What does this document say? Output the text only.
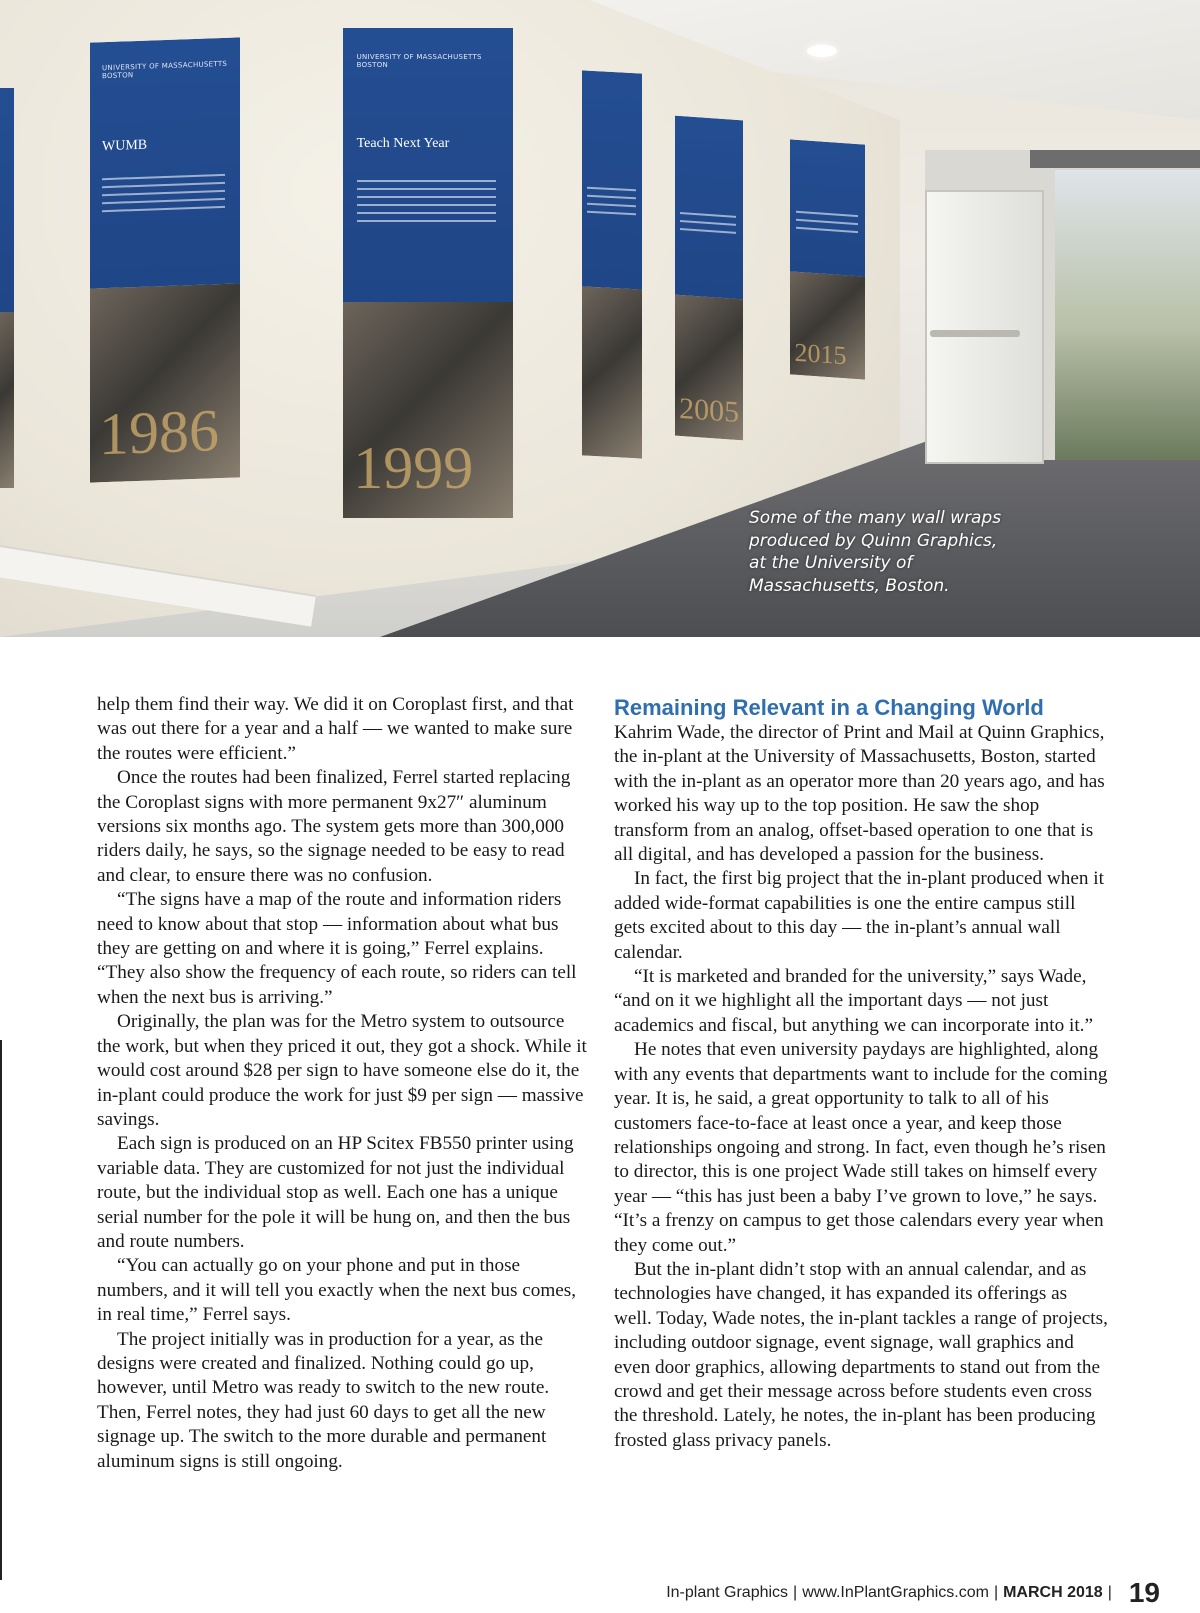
UNIVERSITY OF MASSACHUSETTS BOSTON
WUMB
1986
UNIVERSITY OF MASSACHUSETTS BOSTON
Teach Next Year
1999
2005
2015
Some of the many wall wraps produced by Quinn Graphics, at the University of Massachusetts, Boston.

help them find their way. We did it on Coroplast first, and that was out there for a year and a half — we wanted to make sure the routes were efficient.”

Once the routes had been finalized, Ferrel started replacing the Coroplast signs with more permanent 9x27″ aluminum versions six months ago. The system gets more than 300,000 riders daily, he says, so the signage needed to be easy to read and clear, to ensure there was no confusion.

“The signs have a map of the route and information riders need to know about that stop — information about what bus they are getting on and where it is going,” Ferrel explains. “They also show the frequency of each route, so riders can tell when the next bus is arriving.”

Originally, the plan was for the Metro system to outsource the work, but when they priced it out, they got a shock. While it would cost around $28 per sign to have someone else do it, the in-plant could produce the work for just $9 per sign — massive savings.

Each sign is produced on an HP Scitex FB550 printer using variable data. They are customized for not just the individual route, but the individual stop as well. Each one has a unique serial number for the pole it will be hung on, and then the bus and route numbers.

“You can actually go on your phone and put in those numbers, and it will tell you exactly when the next bus comes, in real time,” Ferrel says.

The project initially was in production for a year, as the designs were created and finalized. Nothing could go up, however, until Metro was ready to switch to the new route. Then, Ferrel notes, they had just 60 days to get all the new signage up. The switch to the more durable and permanent aluminum signs is still ongoing.

Remaining Relevant in a Changing World

Kahrim Wade, the director of Print and Mail at Quinn Graphics, the in-plant at the University of Massachusetts, Boston, started with the in-plant as an operator more than 20 years ago, and has worked his way up to the top position. He saw the shop transform from an analog, offset-based operation to one that is all digital, and has developed a passion for the business.

In fact, the first big project that the in-plant produced when it added wide-format capabilities is one the entire campus still gets excited about to this day — the in-plant’s annual wall calendar.

“It is marketed and branded for the university,” says Wade, “and on it we highlight all the important days — not just academics and fiscal, but anything we can incorporate into it.”

He notes that even university paydays are highlighted, along with any events that departments want to include for the coming year. It is, he said, a great opportunity to talk to all of his customers face-to-face at least once a year, and keep those relationships ongoing and strong. In fact, even though he’s risen to director, this is one project Wade still takes on himself every year — “this has just been a baby I’ve grown to love,” he says. “It’s a frenzy on campus to get those calendars every year when they come out.”

But the in-plant didn’t stop with an annual calendar, and as technologies have changed, it has expanded its offerings as well. Today, Wade notes, the in-plant tackles a range of projects, including outdoor signage, event signage, wall graphics and even door graphics, allowing departments to stand out from the crowd and get their message across before students even cross the threshold. Lately, he notes, the in-plant has been producing frosted glass privacy panels.

In-plant Graphics | www.InPlantGraphics.com | MARCH 2018 | 19
